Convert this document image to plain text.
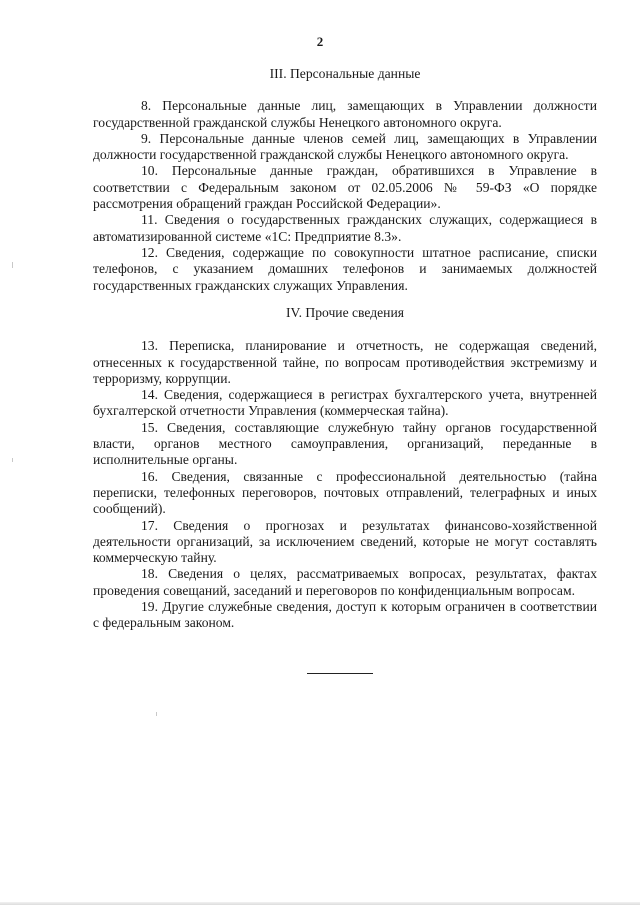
2
III. Персональные данные

8. Персональные данные лиц, замещающих в Управлении должности государственной гражданской службы Ненецкого автономного округа.

9. Персональные данные членов семей лиц, замещающих в Управлении должности государственной гражданской службы Ненецкого автономного округа.

10. Персональные данные граждан, обратившихся в Управление в соответствии с Федеральным законом от 02.05.2006 № 59-ФЗ «О порядке рассмотрения обращений граждан Российской Федерации».

11. Сведения о государственных гражданских служащих, содержащиеся в автоматизированной системе «1С: Предприятие 8.3».

12. Сведения, содержащие по совокупности штатное расписание, списки телефонов, с указанием домашних телефонов и занимаемых должностей государственных гражданских служащих Управления.

IV. Прочие сведения

13. Переписка, планирование и отчетность, не содержащая сведений, отнесенных к государственной тайне, по вопросам противодействия экстремизму и терроризму, коррупции.

14. Сведения, содержащиеся в регистрах бухгалтерского учета, внутренней бухгалтерской отчетности Управления (коммерческая тайна).

15. Сведения, составляющие служебную тайну органов государственной власти, органов местного самоуправления, организаций, переданные в исполнительные органы.

16. Сведения, связанные с профессиональной деятельностью (тайна переписки, телефонных переговоров, почтовых отправлений, телеграфных и иных сообщений).

17. Сведения о прогнозах и результатах финансово-хозяйственной деятельности организаций, за исключением сведений, которые не могут составлять коммерческую тайну.

18. Сведения о целях, рассматриваемых вопросах, результатах, фактах проведения совещаний, заседаний и переговоров по конфиденциальным вопросам.

19. Другие служебные сведения, доступ к которым ограничен в соответствии с федеральным законом.
